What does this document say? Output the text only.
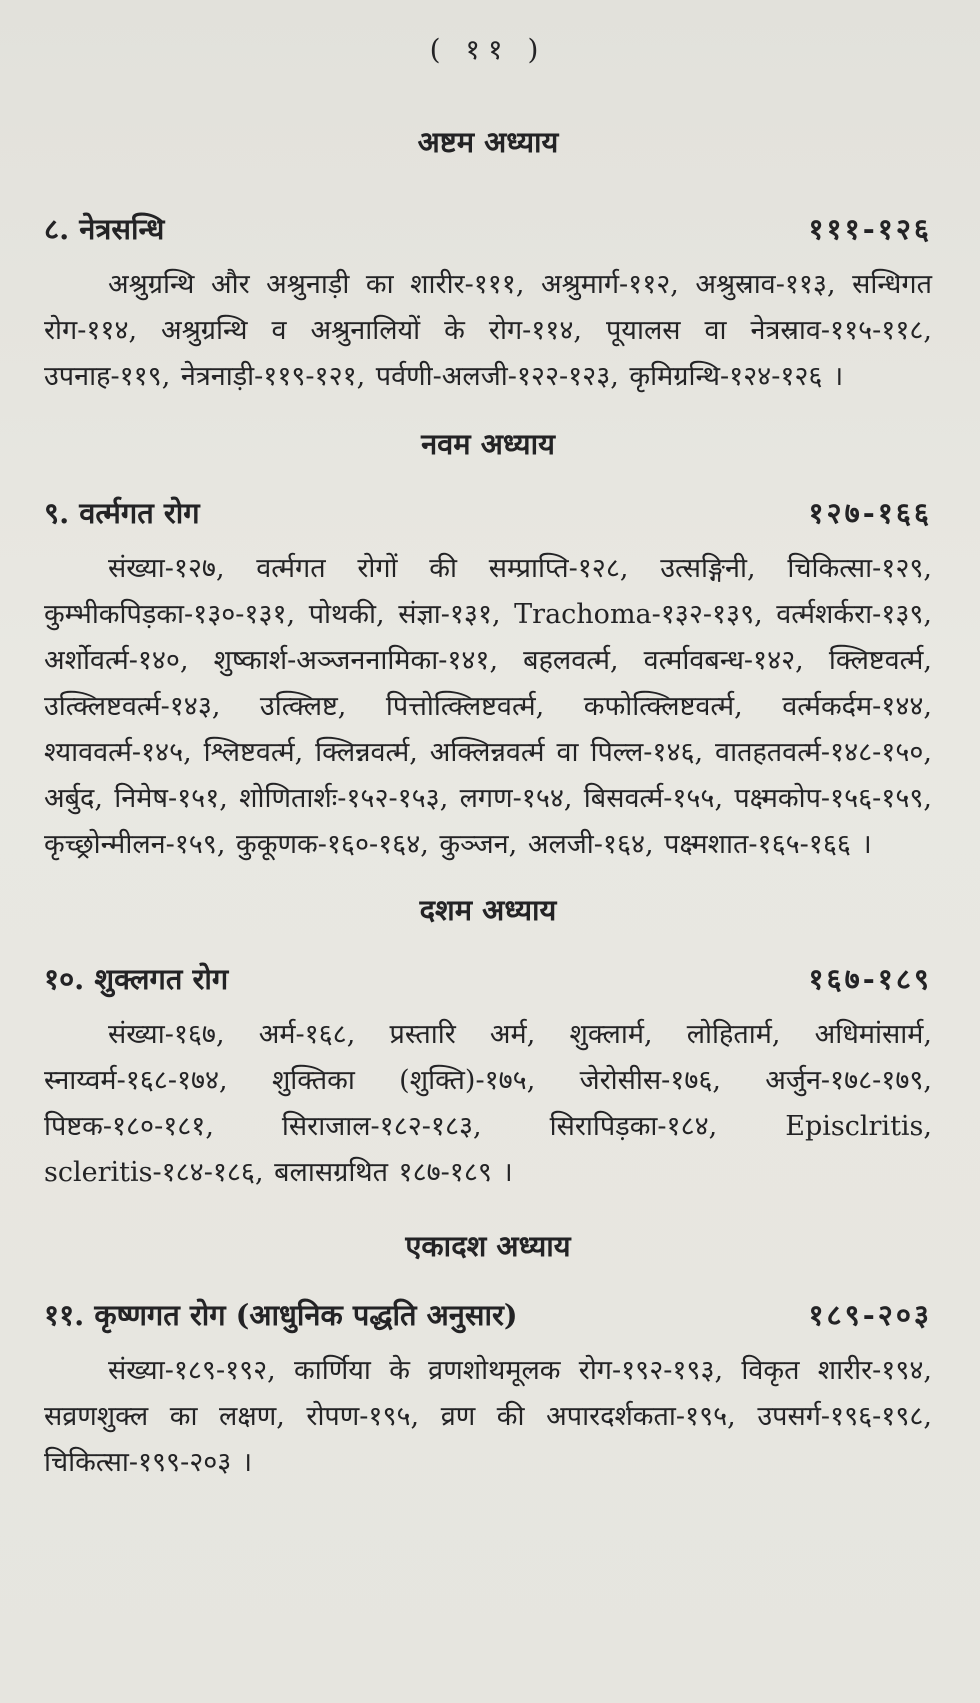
( ११ )
अष्टम अध्याय
८. नेत्रसन्धि	१११-१२६

अश्रुग्रन्थि और अश्रुनाड़ी का शारीर-१११, अश्रुमार्ग-११२, अश्रुस्राव-११३, सन्धिगत रोग-११४, अश्रुग्रन्थि व अश्रुनालियों के रोग-११४, पूयालस वा नेत्रस्राव-११५-११८, उपनाह-११९, नेत्रनाड़ी-११९-१२१, पर्वणी-अलजी-१२२-१२३, कृमिग्रन्थि-१२४-१२६ ।

नवम अध्याय
९. वर्त्मगत रोग	१२७-१६६

संख्या-१२७, वर्त्मगत रोगों की सम्प्राप्ति-१२८, उत्सङ्गिनी, चिकित्सा-१२९, कुम्भीकपिड़का-१३०-१३१, पोथकी, संज्ञा-१३१, Trachoma-१३२-१३९, वर्त्मशर्करा-१३९, अर्शोवर्त्म-१४०, शुष्कार्श-अञ्जननामिका-१४१, बहलवर्त्म, वर्त्मावबन्ध-१४२, क्लिष्टवर्त्म, उत्क्लिष्टवर्त्म-१४३, उत्क्लिष्ट, पित्तोत्क्लिष्टवर्त्म, कफोत्क्लिष्टवर्त्म, वर्त्मकर्दम-१४४, श्याववर्त्म-१४५, श्लिष्टवर्त्म, क्लिन्नवर्त्म, अक्लिन्नवर्त्म वा पिल्ल-१४६, वातहतवर्त्म-१४८-१५०, अर्बुद, निमेष-१५१, शोणितार्शः-१५२-१५३, लगण-१५४, बिसवर्त्म-१५५, पक्ष्मकोप-१५६-१५९, कृच्छ्रोन्मीलन-१५९, कुकूणक-१६०-१६४, कुञ्जन, अलजी-१६४, पक्ष्मशात-१६५-१६६ ।

दशम अध्याय
१०. शुक्लगत रोग	१६७-१८९

संख्या-१६७, अर्म-१६८, प्रस्तारि अर्म, शुक्लार्म, लोहितार्म, अधिमांसार्म, स्नाय्वर्म-१६८-१७४, शुक्तिका (शुक्ति)-१७५, जेरोसीस-१७६, अर्जुन-१७८-१७९, पिष्टक-१८०-१८१, सिराजाल-१८२-१८३, सिरापिड़का-१८४, Episclritis, scleritis-१८४-१८६, बलासग्रथित १८७-१८९ ।

एकादश अध्याय
११. कृष्णगत रोग (आधुनिक पद्धति अनुसार)	१८९-२०३

संख्या-१८९-१९२, कार्णिया के व्रणशोथमूलक रोग-१९२-१९३, विकृत शारीर-१९४, सव्रणशुक्ल का लक्षण, रोपण-१९५, व्रण की अपारदर्शकता-१९५, उपसर्ग-१९६-१९८, चिकित्सा-१९९-२०३ ।
